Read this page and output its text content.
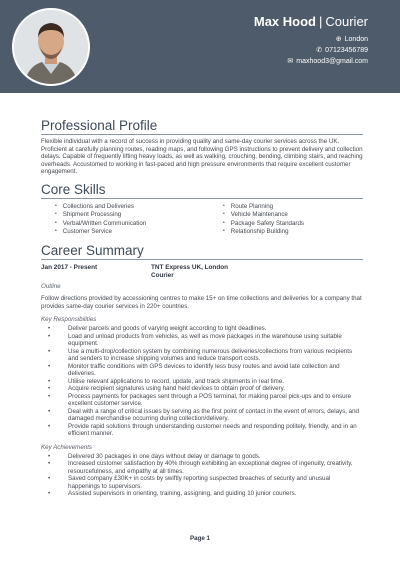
Max Hood | Courier
⊕ London
✆ 07123456789
✉ maxhood3@gmail.com
Professional Profile

Flexible individual with a record of success in providing quality and same-day courier services across the UK. Proficient at carefully planning routes, reading maps, and following GPS instructions to prevent delivery and collection delays. Capable of frequently lifting heavy loads, as well as walking, crouching, bending, climbing stairs, and reaching overheads. Accustomed to working in fast-paced and high pressure environments that require excellent customer engagement.

Core Skills
• Collections and Deliveries
• Shipment Processing
• Verbal/Written Communication
• Customer Service
• Route Planning
• Vehicle Maintenance
• Package Safety Standards
• Relationship Building
Career Summary
Jan 2017 - Present	TNT Express UK, London
Courier
Outline

Follow directions provided by accessioning centres to make 15+ on time collections and deliveries for a company that provides same-day courier services in 220+ countries.

Key Responsibilities
• Deliver parcels and goods of varying weight according to tight deadlines.
• Load and unload products from vehicles, as well as move packages in the warehouse using suitable equipment.
• Use a multi-drop/collection system by combining numerous deliveries/collections from various recipients and senders to increase shipping volumes and reduce transport costs.
• Monitor traffic conditions with GPS devices to identify less busy routes and avoid late collection and deliveries.
• Utilise relevant applications to record, update, and track shipments in real time.
• Acquire recipient signatures using hand held devices to obtain proof of delivery.
• Process payments for packages sent through a POS terminal, for making parcel pick-ups and to ensure excellent customer service.
• Deal with a range of critical issues by serving as the first point of contact in the event of errors, delays, and damaged merchandise occurring during collection/delivery.
• Provide rapid solutions through understanding customer needs and responding politely, friendly, and in an efficient manner.
Key Achievements
• Delivered 30 packages in one days without delay or damage to goods.
• Increased customer satisfaction by 40% through exhibiting an exceptional degree of ingenuity, creativity, resourcefulness, and empathy at all times.
• Saved company £30K+ in costs by swiftly reporting suspected breaches of security and unusual happenings to supervisors.
• Assisted supervisors in orienting, training, assigning, and guiding 10 junior couriers.
Page 1
